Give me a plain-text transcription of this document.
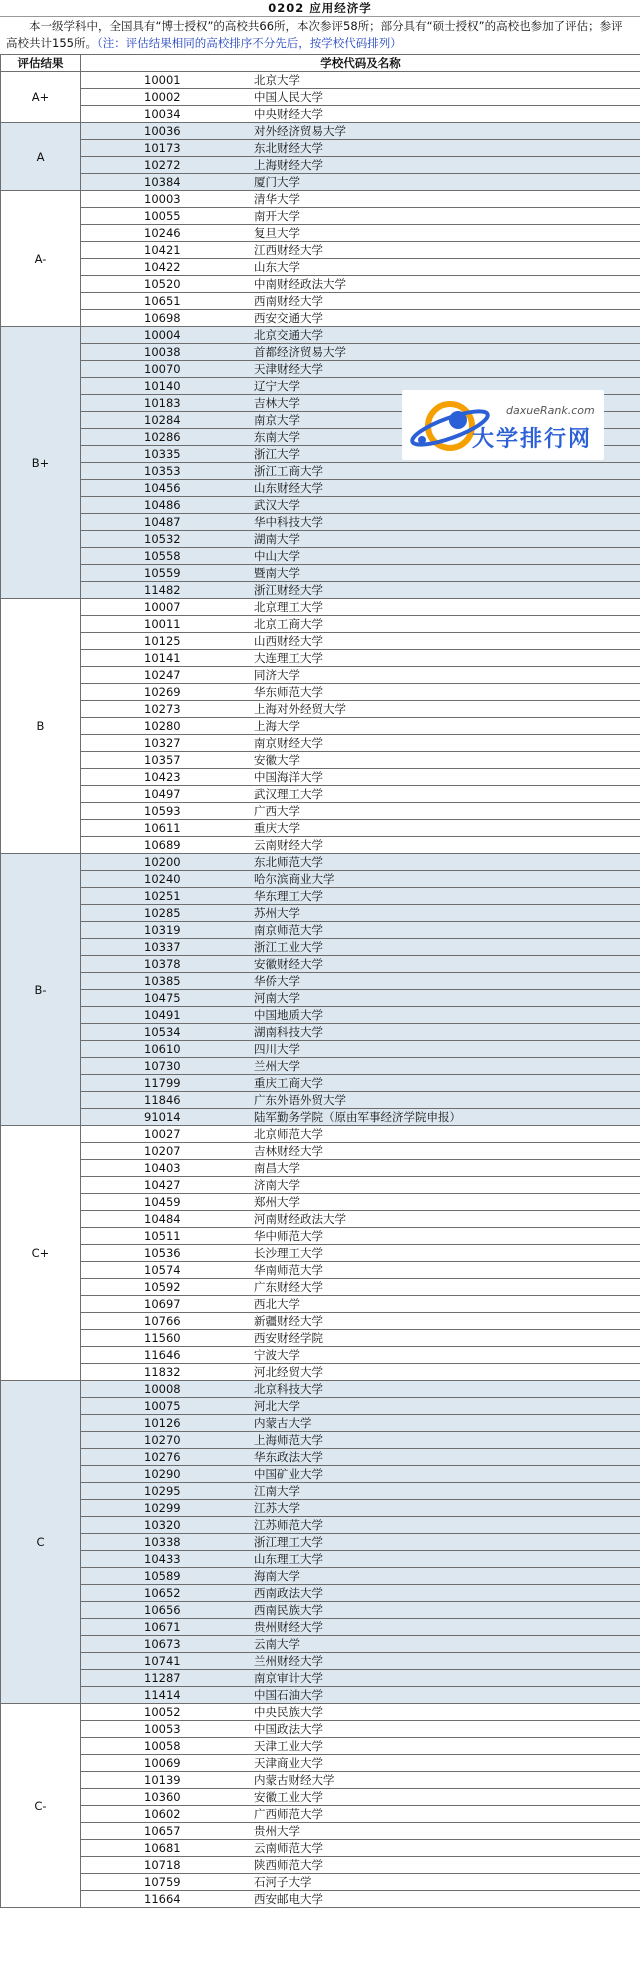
0202 应用经济学
本一级学科中，全国具有“博士授权”的高校共66所，本次参评58所；部分具有“硕士授权”的高校也参加了评估；参评高校共计155所。（注：评估结果相同的高校排序不分先后，按学校代码排列）
评估结果	学校代码及名称
A+	10001 北京大学
	10002 中国人民大学
	10034 中央财经大学
A	10036 对外经济贸易大学
	10173 东北财经大学
	10272 上海财经大学
	10384 厦门大学
A-	10003 清华大学
	10055 南开大学
	10246 复旦大学
	10421 江西财经大学
	10422 山东大学
	10520 中南财经政法大学
	10651 西南财经大学
	10698 西安交通大学
B+	10004 北京交通大学
	10038 首都经济贸易大学
	10070 天津财经大学
	10140 辽宁大学
	10183 吉林大学
	10284 南京大学
	10286 东南大学
	10335 浙江大学
	10353 浙江工商大学
	10456 山东财经大学
	10486 武汉大学
	10487 华中科技大学
	10532 湖南大学
	10558 中山大学
	10559 暨南大学
	11482 浙江财经大学
B	10007 北京理工大学
	10011 北京工商大学
	10125 山西财经大学
	10141 大连理工大学
	10247 同济大学
	10269 华东师范大学
	10273 上海对外经贸大学
	10280 上海大学
	10327 南京财经大学
	10357 安徽大学
	10423 中国海洋大学
	10497 武汉理工大学
	10593 广西大学
	10611 重庆大学
	10689 云南财经大学
B-	10200 东北师范大学
	10240 哈尔滨商业大学
	10251 华东理工大学
	10285 苏州大学
	10319 南京师范大学
	10337 浙江工业大学
	10378 安徽财经大学
	10385 华侨大学
	10475 河南大学
	10491 中国地质大学
	10534 湖南科技大学
	10610 四川大学
	10730 兰州大学
	11799 重庆工商大学
	11846 广东外语外贸大学
	91014 陆军勤务学院（原由军事经济学院申报）
C+	10027 北京师范大学
	10207 吉林财经大学
	10403 南昌大学
	10427 济南大学
	10459 郑州大学
	10484 河南财经政法大学
	10511 华中师范大学
	10536 长沙理工大学
	10574 华南师范大学
	10592 广东财经大学
	10697 西北大学
	10766 新疆财经大学
	11560 西安财经学院
	11646 宁波大学
	11832 河北经贸大学
C	10008 北京科技大学
	10075 河北大学
	10126 内蒙古大学
	10270 上海师范大学
	10276 华东政法大学
	10290 中国矿业大学
	10295 江南大学
	10299 江苏大学
	10320 江苏师范大学
	10338 浙江理工大学
	10433 山东理工大学
	10589 海南大学
	10652 西南政法大学
	10656 西南民族大学
	10671 贵州财经大学
	10673 云南大学
	10741 兰州财经大学
	11287 南京审计大学
	11414 中国石油大学
C-	10052 中央民族大学
	10053 中国政法大学
	10058 天津工业大学
	10069 天津商业大学
	10139 内蒙古财经大学
	10360 安徽工业大学
	10602 广西师范大学
	10657 贵州大学
	10681 云南师范大学
	10718 陕西师范大学
	10759 石河子大学
	11664 西安邮电大学
daxueRank.com
大学排行网
